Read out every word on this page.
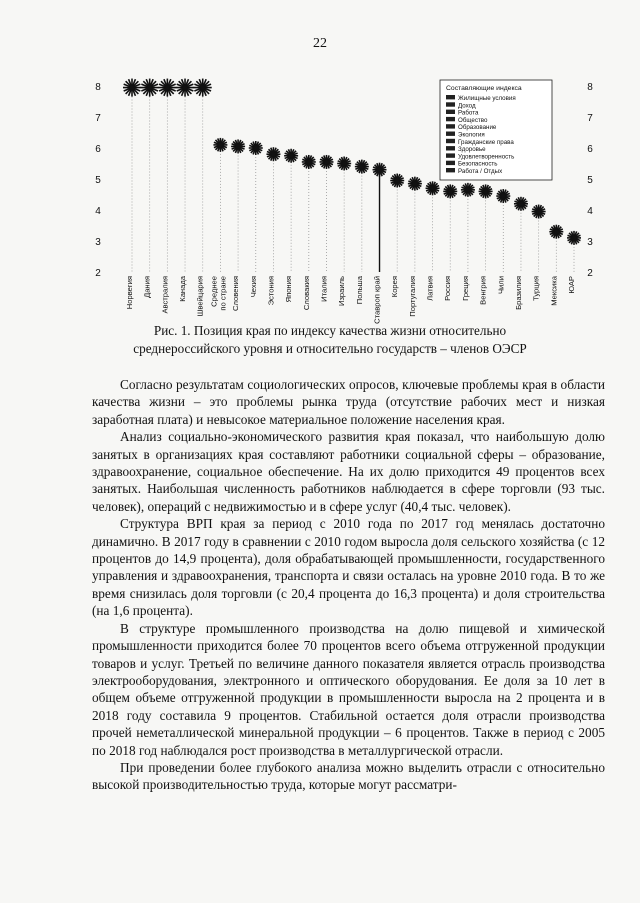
22
2	2
3	3
4	4
5	5
6	6
7	7
8	8
Норвегия Дания Австралия Канада Швейцария Среднее по стране Словения Чехия Эстония Япония Словакия Италия Израиль Польша Ставроп край Корея Португалия Латвия Россия Греция Венгрия Чили Бразилия Турция Мексика ЮАР
Составляющие индекса
Жилищные условия
Доход
Работа
Общество
Образование
Экология
Гражданские права
Здоровье
Удовлетворенность
Безопасность
Работа / Отдых
Рис. 1. Позиция края по индексу качества жизни относительно
среднероссийского уровня и относительно государств – членов ОЭСР

Согласно результатам социологических опросов, ключевые проблемы края в области качества жизни – это проблемы рынка труда (отсутствие рабочих мест и низкая заработная плата) и невысокое материальное положение населения края.

Анализ социально-экономического развития края показал, что наибольшую долю занятых в организациях края составляют работники социальной сферы – образование, здравоохранение, социальное обеспечение. На их долю приходится 49 процентов всех занятых. Наибольшая численность работников наблюдается в сфере торговли (93 тыс. человек), операций с недвижимостью и в сфере услуг (40,4 тыс. человек).

Структура ВРП края за период с 2010 года по 2017 год менялась достаточно динамично. В 2017 году в сравнении с 2010 годом выросла доля сельского хозяйства (с 12 процентов до 14,9 процента), доля обрабатывающей промышленности, государственного управления и здравоохранения, транспорта и связи осталась на уровне 2010 года. В то же время снизилась доля торговли (с 20,4 процента до 16,3 процента) и доля строительства (на 1,6 процента).

В структуре промышленного производства на долю пищевой и химической промышленности приходится более 70 процентов всего объема отгруженной продукции товаров и услуг. Третьей по величине данного показателя является отрасль производства электрооборудования, электронного и оптического оборудования. Ее доля за 10 лет в общем объеме отгруженной продукции в промышленности выросла на 2 процента и в 2018 году составила 9 процентов. Стабильной остается доля отрасли производства прочей неметаллической минеральной продукции – 6 процентов. Также в период с 2005 по 2018 год наблюдался рост производства в металлургической отрасли.

При проведении более глубокого анализа можно выделить отрасли с относительно высокой производительностью труда, которые могут рассматри-
